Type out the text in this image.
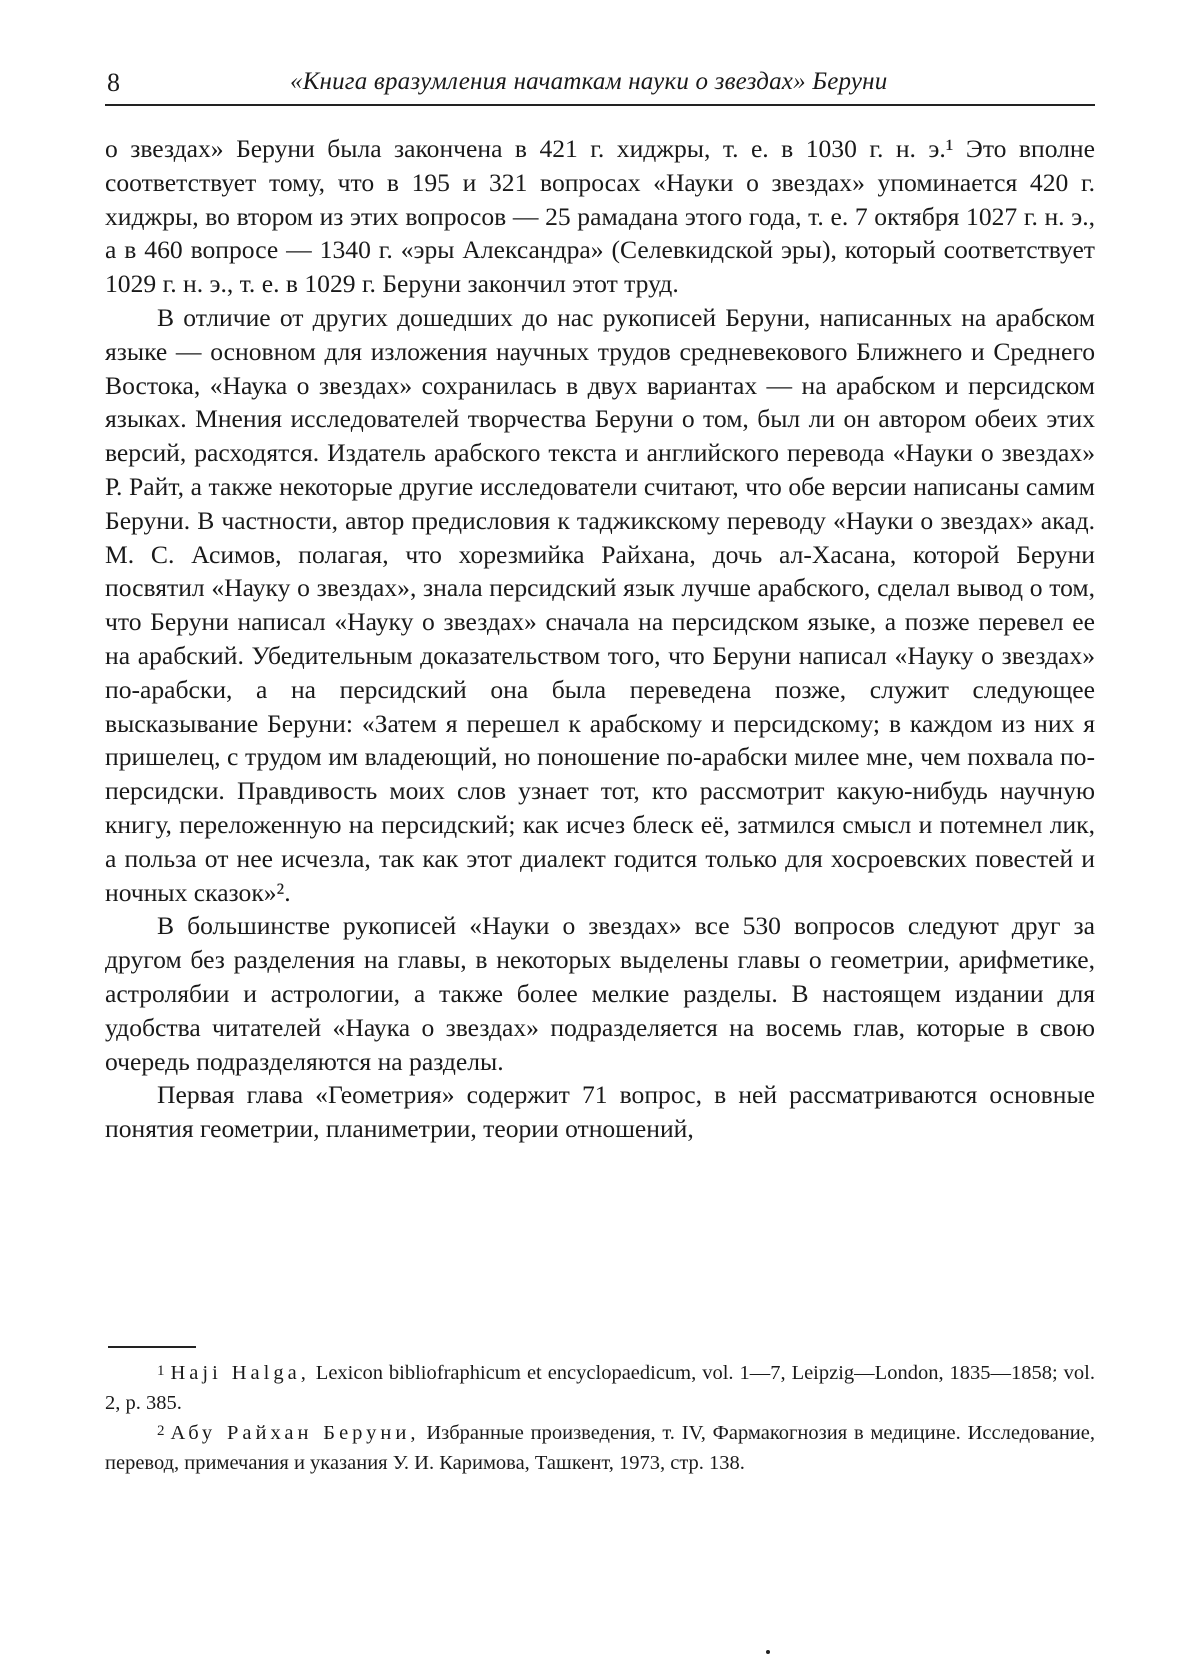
8	«Книга вразумления начаткам науки о звездах» Беруни

о звездах» Беруни была закончена в 421 г. хиджры, т. е. в 1030 г. н. э.¹ Это вполне соответствует тому, что в 195 и 321 вопросах «Науки о звездах» упоминается 420 г. хиджры, во втором из этих вопросов — 25 рамадана этого года, т. е. 7 октября 1027 г. н. э., а в 460 вопросе — 1340 г. «эры Александра» (Селевкидской эры), который соответствует 1029 г. н. э., т. е. в 1029 г. Беруни закончил этот труд.

В отличие от других дошедших до нас рукописей Беруни, написанных на арабском языке — основном для изложения научных трудов средневекового Ближнего и Среднего Востока, «Наука о звездах» сохранилась в двух вариантах — на арабском и персидском языках. Мнения исследователей творчества Беруни о том, был ли он автором обеих этих версий, расходятся. Издатель арабского текста и английского перевода «Науки о звездах» Р. Райт, а также некоторые другие исследователи считают, что обе версии написаны самим Беруни. В частности, автор предисловия к таджикскому переводу «Науки о звездах» акад. М. С. Асимов, полагая, что хорезмийка Райхана, дочь ал-Хасана, которой Беруни посвятил «Науку о звездах», знала персидский язык лучше арабского, сделал вывод о том, что Беруни написал «Науку о звездах» сначала на персидском языке, а позже перевел ее на арабский. Убедительным доказательством того, что Беруни написал «Науку о звездах» по-арабски, а на персидский она была переведена позже, служит следующее высказывание Беруни: «Затем я перешел к арабскому и персидскому; в каждом из них я пришелец, с трудом им владеющий, но поношение по-арабски милее мне, чем похвала по-персидски. Правдивость моих слов узнает тот, кто рассмотрит какую-нибудь научную книгу, переложенную на персидский; как исчез блеск её, затмился смысл и потемнел лик, а польза от нее исчезла, так как этот диалект годится только для хосроевских повестей и ночных сказок»².

В большинстве рукописей «Науки о звездах» все 530 вопросов следуют друг за другом без разделения на главы, в некоторых выделены главы о геометрии, арифметике, астролябии и астрологии, а также более мелкие разделы. В настоящем издании для удобства читателей «Наука о звездах» подразделяется на восемь глав, которые в свою очередь подразделяются на разделы.

Первая глава «Геометрия» содержит 71 вопрос, в ней рассматриваются основные понятия геометрии, планиметрии, теории отношений,

$^1$ Haji Halga, Lexicon bibliofraphicum et encyclopaedicum, vol. 1—7, Leipzig—London, 1835—1858; vol. 2, p. 385.

$^2$ Абу Райхан Беруни, Избранные произведения, т. IV, Фармакогнозия в медицине. Исследование, перевод, примечания и указания У. И. Каримова, Ташкент, 1973, стр. 138.
